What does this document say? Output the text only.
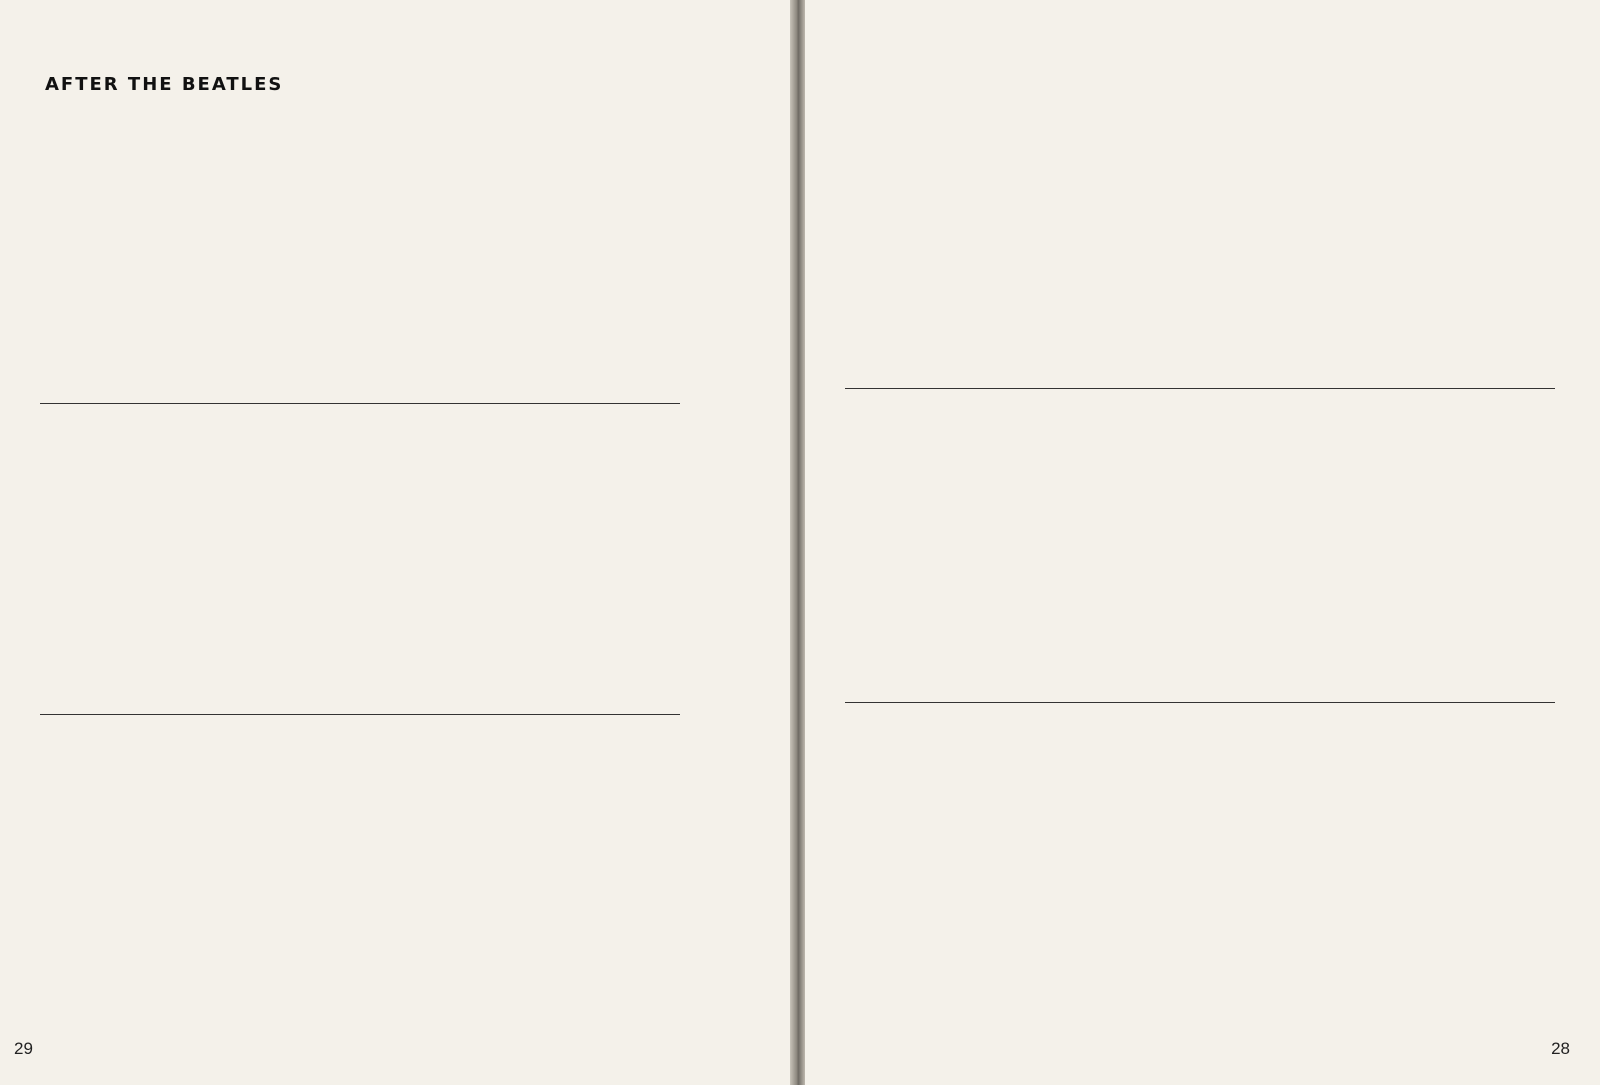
AFTER THE BEATLES
29	28
